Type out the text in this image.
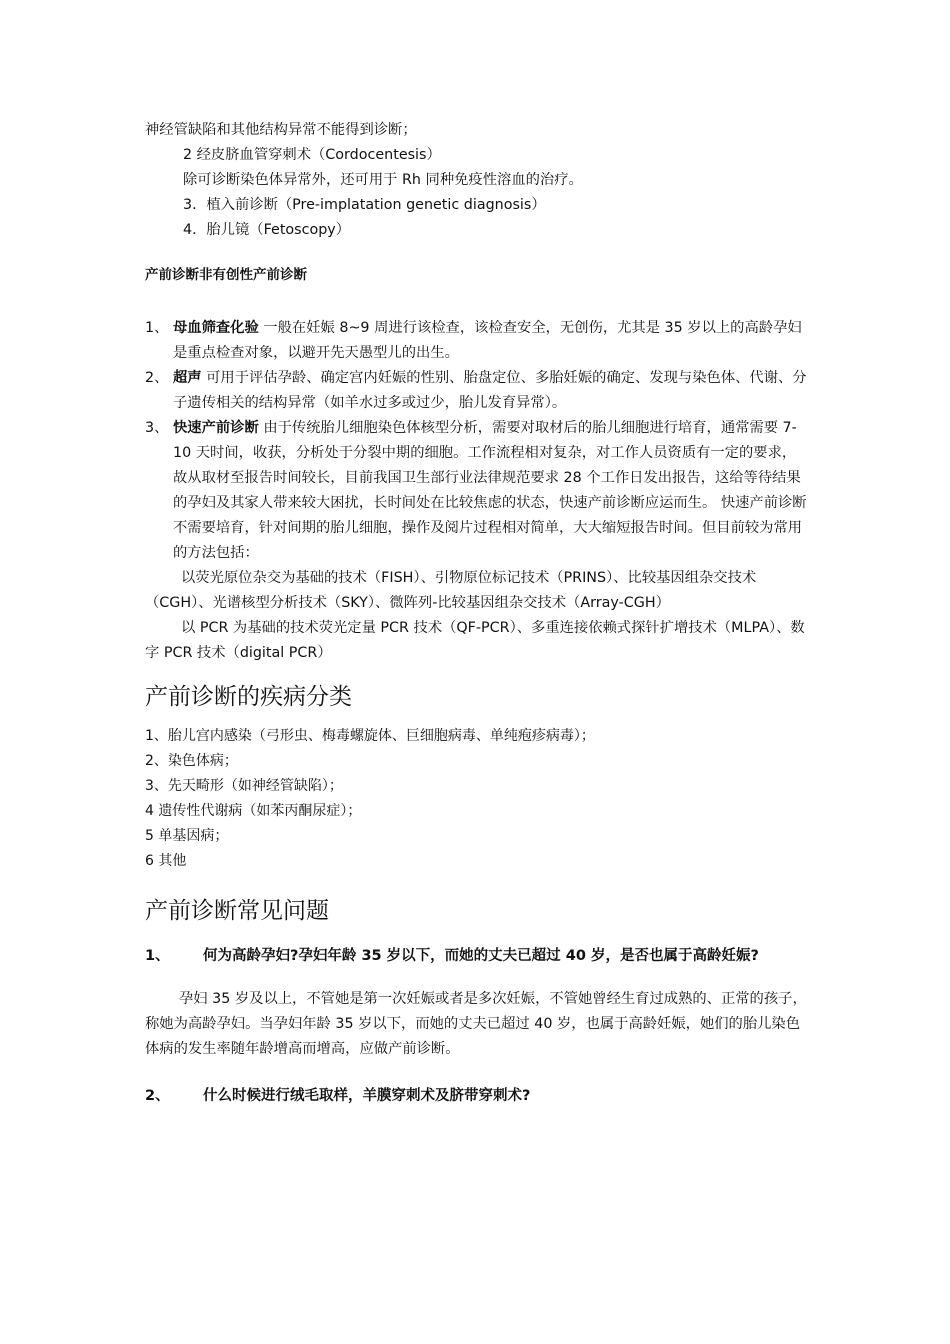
神经管缺陷和其他结构异常不能得到诊断；

2 经皮脐血管穿刺术（Cordocentesis）

除可诊断染色体异常外，还可用于 Rh 同种免疫性溶血的治疗。

3．植入前诊断（Pre-implatation genetic diagnosis）

4．胎儿镜（Fetoscopy）

产前诊断非有创性产前诊断

1、 母血筛查化验 一般在妊娠 8~9 周进行该检查，该检查安全，无创伤，尤其是 35 岁以上的高龄孕妇是重点检查对象，以避开先天愚型儿的出生。
2、 超声 可用于评估孕龄、确定宫内妊娠的性别、胎盘定位、多胎妊娠的确定、发现与染色体、代谢、分子遗传相关的结构异常（如羊水过多或过少，胎儿发育异常）。
3、 快速产前诊断 由于传统胎儿细胞染色体核型分析，需要对取材后的胎儿细胞进行培育，通常需要 7-10 天时间，收获，分析处于分裂中期的细胞。工作流程相对复杂，对工作人员资质有一定的要求，故从取材至报告时间较长，目前我国卫生部行业法律规范要求 28 个工作日发出报告，这给等待结果的孕妇及其家人带来较大困扰，长时间处在比较焦虑的状态，快速产前诊断应运而生。 快速产前诊断不需要培育，针对间期的胎儿细胞，操作及阅片过程相对简单，大大缩短报告时间。但目前较为常用的方法包括：

以荧光原位杂交为基础的技术（FISH）、引物原位标记技术（PRINS）、比较基因组杂交技术（CGH）、光谱核型分析技术（SKY）、微阵列-比较基因组杂交技术（Array-CGH）

以 PCR 为基础的技术荧光定量 PCR 技术（QF-PCR）、多重连接依赖式探针扩增技术（MLPA）、数字 PCR 技术（digital PCR）

产前诊断的疾病分类

1、胎儿宫内感染（弓形虫、梅毒螺旋体、巨细胞病毒、单纯疱疹病毒）；

2、染色体病；

3、先天畸形（如神经管缺陷）；

4 遗传性代谢病（如苯丙酮尿症）；

5 单基因病；

6 其他

产前诊断常见问题

1、	何为高龄孕妇?孕妇年龄 35 岁以下，而她的丈夫已超过 40 岁，是否也属于高龄妊娠?

孕妇 35 岁及以上，不管她是第一次妊娠或者是多次妊娠，不管她曾经生育过成熟的、正常的孩子，称她为高龄孕妇。当孕妇年龄 35 岁以下，而她的丈夫已超过 40 岁，也属于高龄妊娠，她们的胎儿染色体病的发生率随年龄增高而增高，应做产前诊断。

2、	什么时候进行绒毛取样，羊膜穿刺术及脐带穿刺术?
